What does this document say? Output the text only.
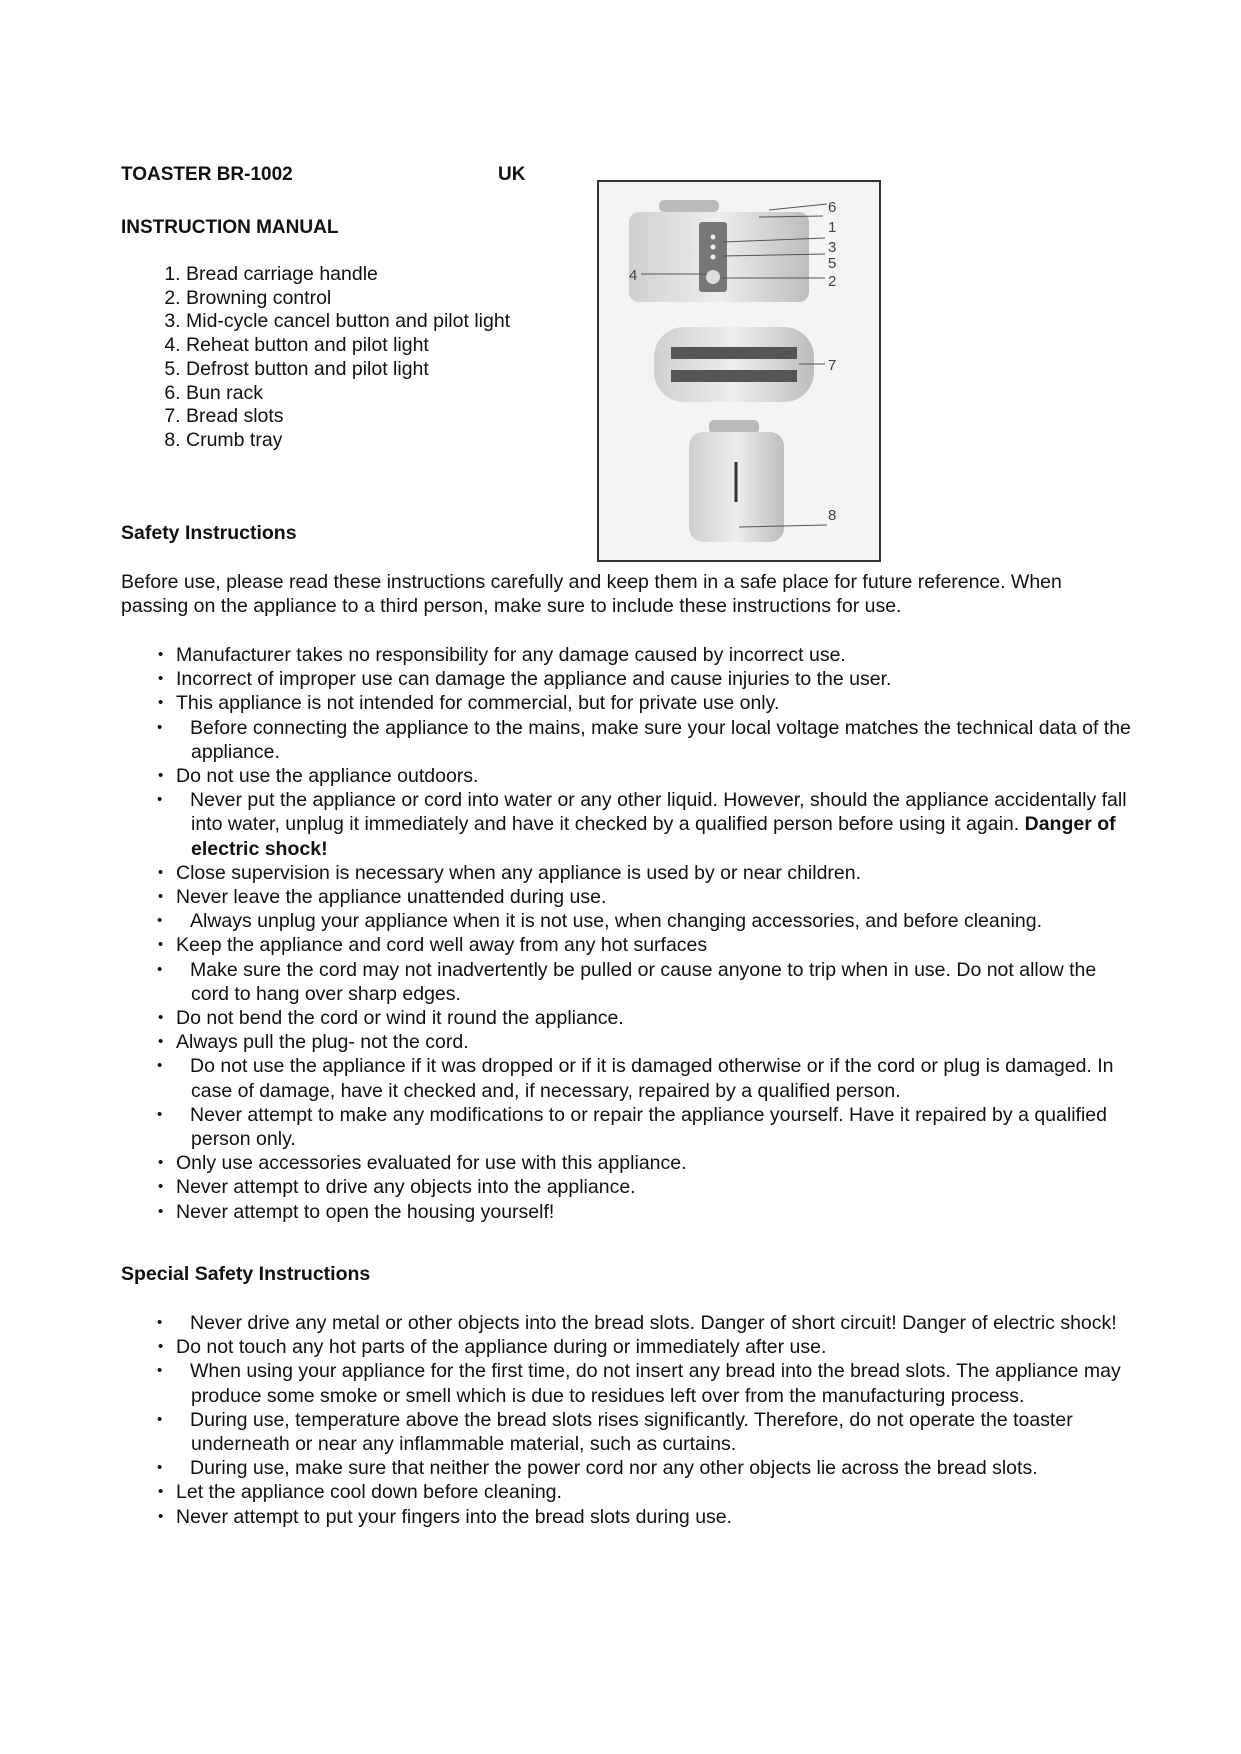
TOASTER BR-1002	UK
INSTRUCTION MANUAL
1. Bread carriage handle
2. Browning control
3. Mid-cycle cancel button and pilot light
4. Reheat button and pilot light
5. Defrost button and pilot light
6. Bun rack
7. Bread slots
8. Crumb tray
6
1
3
5
2
4
7
8
Safety Instructions

Before use, please read these instructions carefully and keep them in a safe place for future reference. When passing on the appliance to a third person, make sure to include these instructions for use.

• Manufacturer takes no responsibility for any damage caused by incorrect use.
• Incorrect of improper use can damage the appliance and cause injuries to the user.
• This appliance is not intended for commercial, but for private use only.
• Before connecting the appliance to the mains, make sure your local voltage matches the technical data of the appliance.
• Do not use the appliance outdoors.
• Never put the appliance or cord into water or any other liquid. However, should the appliance accidentally fall into water, unplug it immediately and have it checked by a qualified person before using it again. Danger of electric shock!
• Close supervision is necessary when any appliance is used by or near children.
• Never leave the appliance unattended during use.
• Always unplug your appliance when it is not use, when changing accessories, and before cleaning.
• Keep the appliance and cord well away from any hot surfaces
• Make sure the cord may not inadvertently be pulled or cause anyone to trip when in use. Do not allow the cord to hang over sharp edges.
• Do not bend the cord or wind it round the appliance.
• Always pull the plug- not the cord.
• Do not use the appliance if it was dropped or if it is damaged otherwise or if the cord or plug is damaged. In case of damage, have it checked and, if necessary, repaired by a qualified person.
• Never attempt to make any modifications to or repair the appliance yourself. Have it repaired by a qualified person only.
• Only use accessories evaluated for use with this appliance.
• Never attempt to drive any objects into the appliance.
• Never attempt to open the housing yourself!
Special Safety Instructions
• Never drive any metal or other objects into the bread slots. Danger of short circuit! Danger of electric shock!
• Do not touch any hot parts of the appliance during or immediately after use.
• When using your appliance for the first time, do not insert any bread into the bread slots. The appliance may produce some smoke or smell which is due to residues left over from the manufacturing process.
• During use, temperature above the bread slots rises significantly. Therefore, do not operate the toaster underneath or near any inflammable material, such as curtains.
• During use, make sure that neither the power cord nor any other objects lie across the bread slots.
• Let the appliance cool down before cleaning.
• Never attempt to put your fingers into the bread slots during use.
